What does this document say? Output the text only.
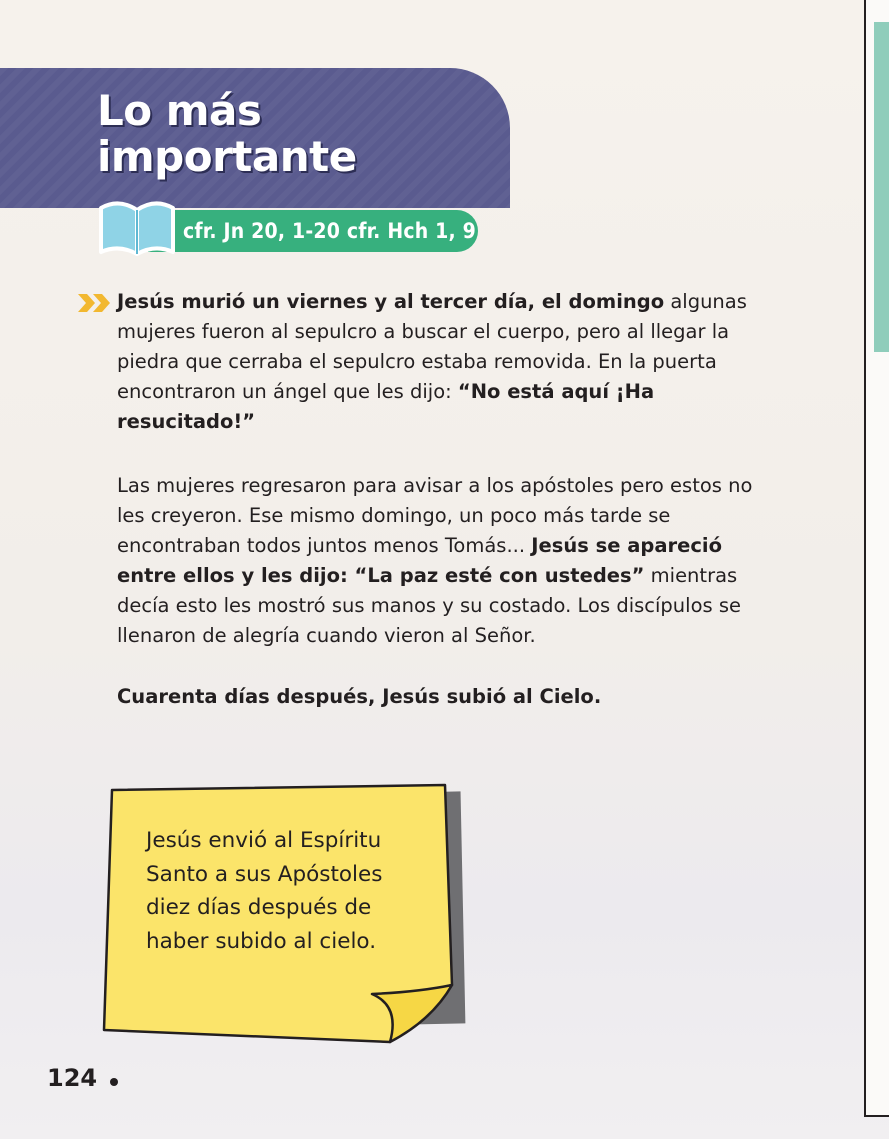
Lo más
importante
cfr. Jn 20, 1-20 cfr. Hch 1, 9
Jesús murió un viernes y al tercer día, el domingo algunas mujeres fueron al sepulcro a buscar el cuerpo, pero al llegar la piedra que cerraba el sepulcro estaba removida. En la puerta encontraron un ángel que les dijo: “No está aquí ¡Ha resucitado!”
Las mujeres regresaron para avisar a los apóstoles pero estos no les creyeron. Ese mismo domingo, un poco más tarde se encontraban todos juntos menos Tomás... Jesús se apareció entre ellos y les dijo: “La paz esté con ustedes” mientras decía esto les mostró sus manos y su costado. Los discípulos se llenaron de alegría cuando vieron al Señor.
Cuarenta días después, Jesús subió al Cielo.
Jesús envió al Espíritu
Santo a sus Apóstoles
diez días después de
haber subido al cielo.
124
